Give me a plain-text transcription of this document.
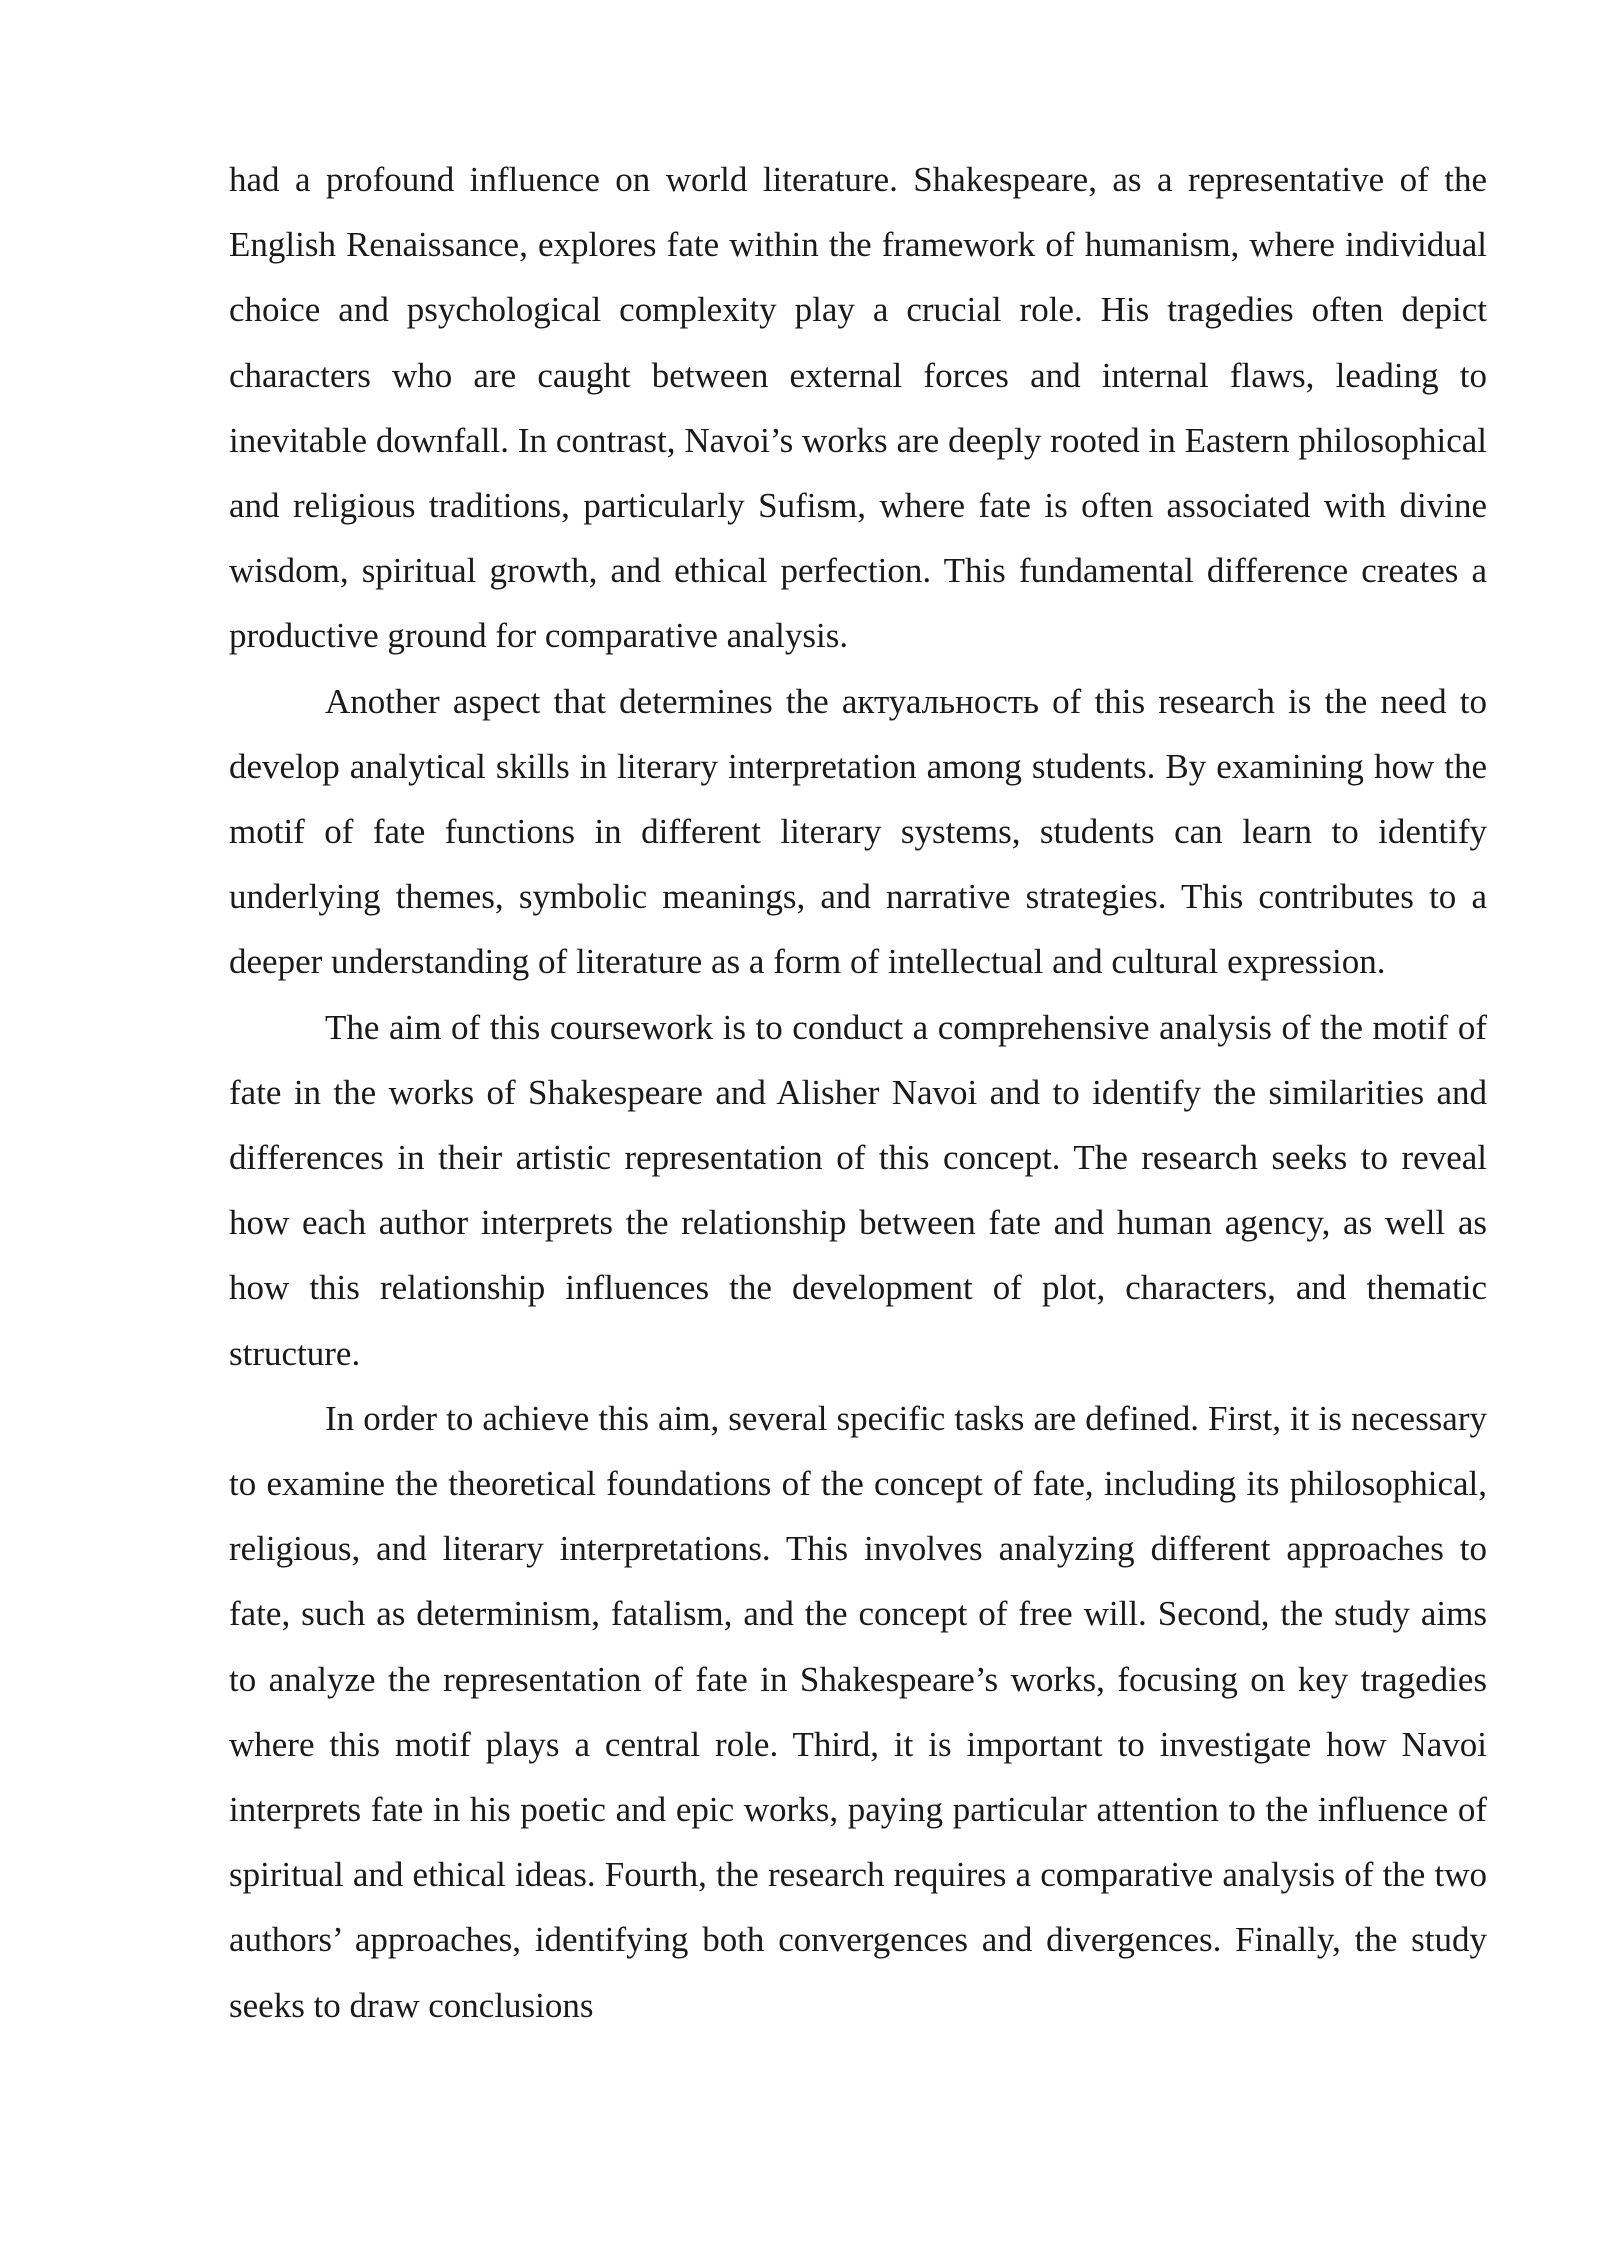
had a profound influence on world literature. Shakespeare, as a representative of the English Renaissance, explores fate within the framework of humanism, where individual choice and psychological complexity play a crucial role. His tragedies often depict characters who are caught between external forces and internal flaws, leading to inevitable downfall. In contrast, Navoi’s works are deeply rooted in Eastern philosophical and religious traditions, particularly Sufism, where fate is often associated with divine wisdom, spiritual growth, and ethical perfection. This fundamental difference creates a productive ground for comparative analysis.

Another aspect that determines the актуальность of this research is the need to develop analytical skills in literary interpretation among students. By examining how the motif of fate functions in different literary systems, students can learn to identify underlying themes, symbolic meanings, and narrative strategies. This contributes to a deeper understanding of literature as a form of intellectual and cultural expression.

The aim of this coursework is to conduct a comprehensive analysis of the motif of fate in the works of Shakespeare and Alisher Navoi and to identify the similarities and differences in their artistic representation of this concept. The research seeks to reveal how each author interprets the relationship between fate and human agency, as well as how this relationship influences the development of plot, characters, and thematic structure.

In order to achieve this aim, several specific tasks are defined. First, it is necessary to examine the theoretical foundations of the concept of fate, including its philosophical, religious, and literary interpretations. This involves analyzing different approaches to fate, such as determinism, fatalism, and the concept of free will. Second, the study aims to analyze the representation of fate in Shakespeare’s works, focusing on key tragedies where this motif plays a central role. Third, it is important to investigate how Navoi interprets fate in his poetic and epic works, paying particular attention to the influence of spiritual and ethical ideas. Fourth, the research requires a comparative analysis of the two authors’ approaches, identifying both convergences and divergences. Finally, the study seeks to draw conclusions
